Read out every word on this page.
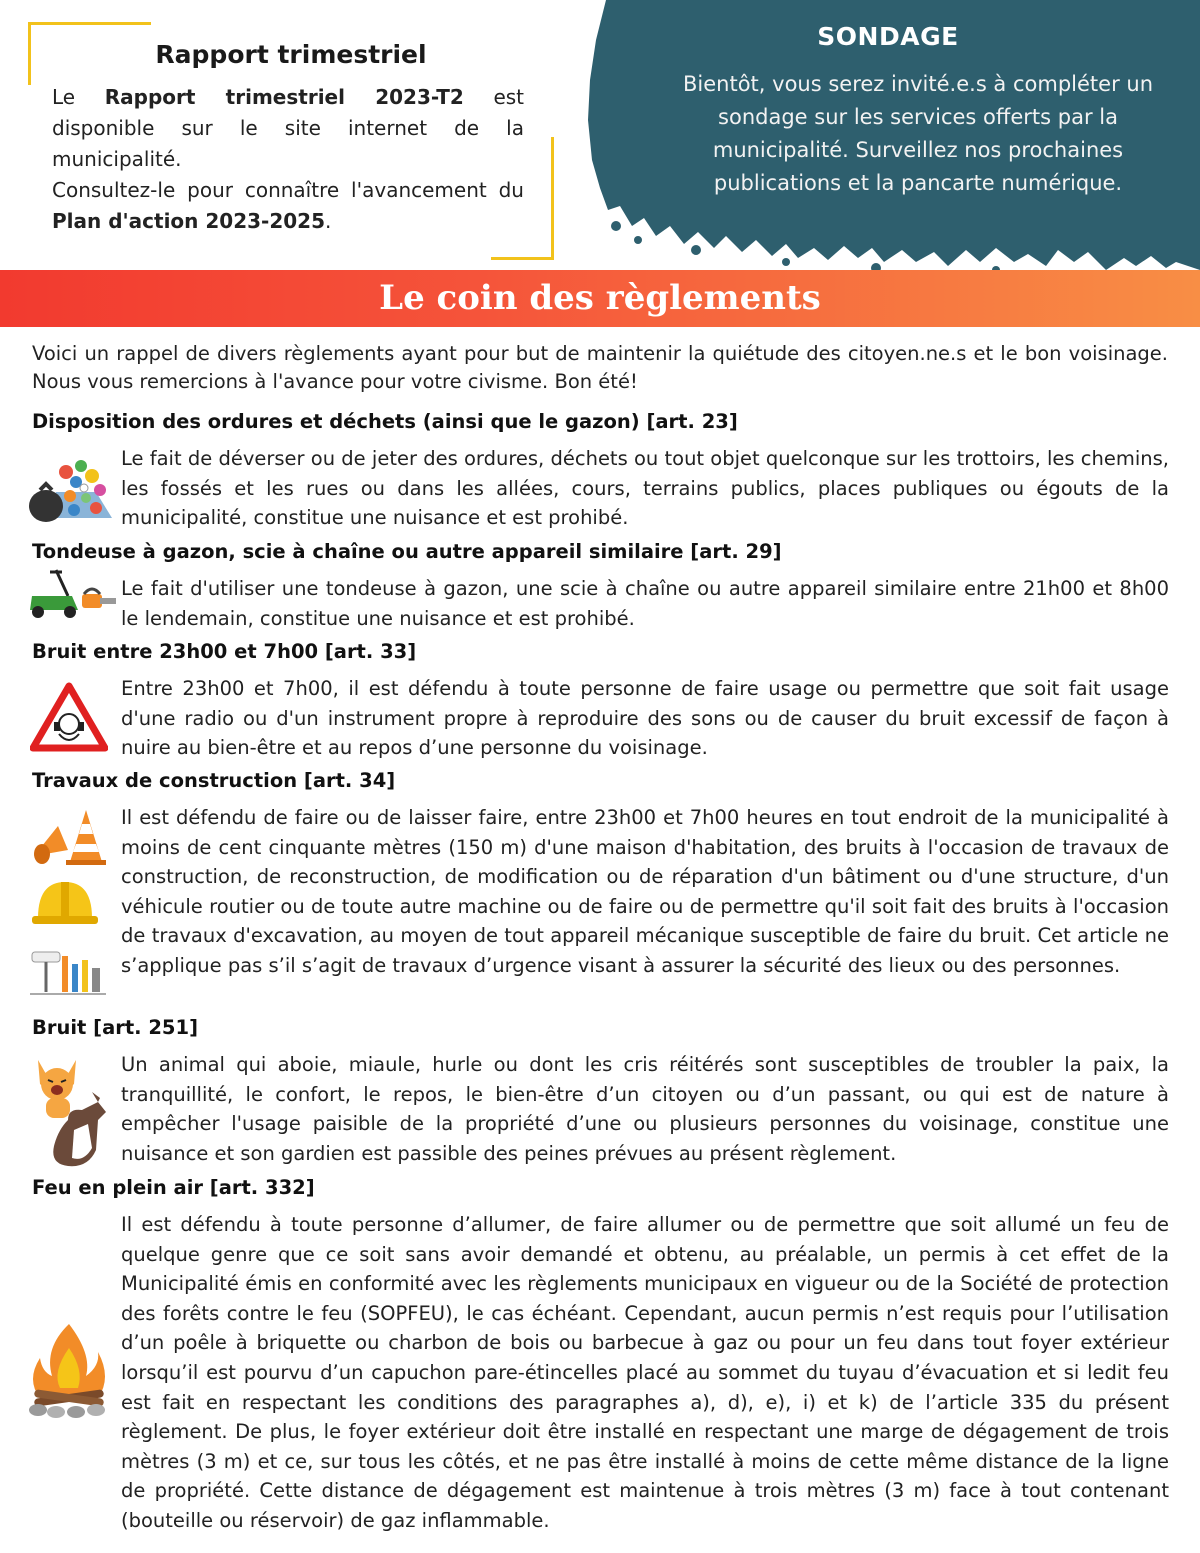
Rapport trimestriel

Le Rapport trimestriel 2023-T2 est disponible sur le site internet de la municipalité.

Consultez-le pour connaître l'avancement du Plan d'action 2023-2025.

SONDAGE

Bientôt, vous serez invité.e.s à compléter un sondage sur les services offerts par la municipalité. Surveillez nos prochaines publications et la pancarte numérique.

Le coin des règlements

Voici un rappel de divers règlements ayant pour but de maintenir la quiétude des citoyen.ne.s et le bon voisinage. Nous vous remercions à l'avance pour votre civisme. Bon été!

Disposition des ordures et déchets (ainsi que le gazon) [art. 23]

Le fait de déverser ou de jeter des ordures, déchets ou tout objet quelconque sur les trottoirs, les chemins, les fossés et les rues ou dans les allées, cours, terrains publics, places publiques ou égouts de la municipalité, constitue une nuisance et est prohibé.

Tondeuse à gazon, scie à chaîne ou autre appareil similaire [art. 29]

Le fait d'utiliser une tondeuse à gazon, une scie à chaîne ou autre appareil similaire entre 21h00 et 8h00 le lendemain, constitue une nuisance et est prohibé.

Bruit entre 23h00 et 7h00 [art. 33]

Entre 23h00 et 7h00, il est défendu à toute personne de faire usage ou permettre que soit fait usage d'une radio ou d'un instrument propre à reproduire des sons ou de causer du bruit excessif de façon à nuire au bien-être et au repos d’une personne du voisinage.

Travaux de construction [art. 34]

Il est défendu de faire ou de laisser faire, entre 23h00 et 7h00 heures en tout endroit de la municipalité à moins de cent cinquante mètres (150 m) d'une maison d'habitation, des bruits à l'occasion de travaux de construction, de reconstruction, de modification ou de réparation d'un bâtiment ou d'une structure, d'un véhicule routier ou de toute autre machine ou de faire ou de permettre qu'il soit fait des bruits à l'occasion de travaux d'excavation, au moyen de tout appareil mécanique susceptible de faire du bruit. Cet article ne s’applique pas s’il s’agit de travaux d’urgence visant à assurer la sécurité des lieux ou des personnes.

Bruit [art. 251]

Un animal qui aboie, miaule, hurle ou dont les cris réitérés sont susceptibles de troubler la paix, la tranquillité, le confort, le repos, le bien-être d’un citoyen ou d’un passant, ou qui est de nature à empêcher l'usage paisible de la propriété d’une ou plusieurs personnes du voisinage, constitue une nuisance et son gardien est passible des peines prévues au présent règlement.

Feu en plein air [art. 332]

Il est défendu à toute personne d’allumer, de faire allumer ou de permettre que soit allumé un feu de quelque genre que ce soit sans avoir demandé et obtenu, au préalable, un permis à cet effet de la Municipalité émis en conformité avec les règlements municipaux en vigueur ou de la Société de protection des forêts contre le feu (SOPFEU), le cas échéant. Cependant, aucun permis n’est requis pour l’utilisation d’un poêle à briquette ou charbon de bois ou barbecue à gaz ou pour un feu dans tout foyer extérieur lorsqu’il est pourvu d’un capuchon pare-étincelles placé au sommet du tuyau d’évacuation et si ledit feu est fait en respectant les conditions des paragraphes a), d), e), i) et k) de l’article 335 du présent règlement. De plus, le foyer extérieur doit être installé en respectant une marge de dégagement de trois mètres (3 m) et ce, sur tous les côtés, et ne pas être installé à moins de cette même distance de la ligne de propriété. Cette distance de dégagement est maintenue à trois mètres (3 m) face à tout contenant (bouteille ou réservoir) de gaz inflammable.
